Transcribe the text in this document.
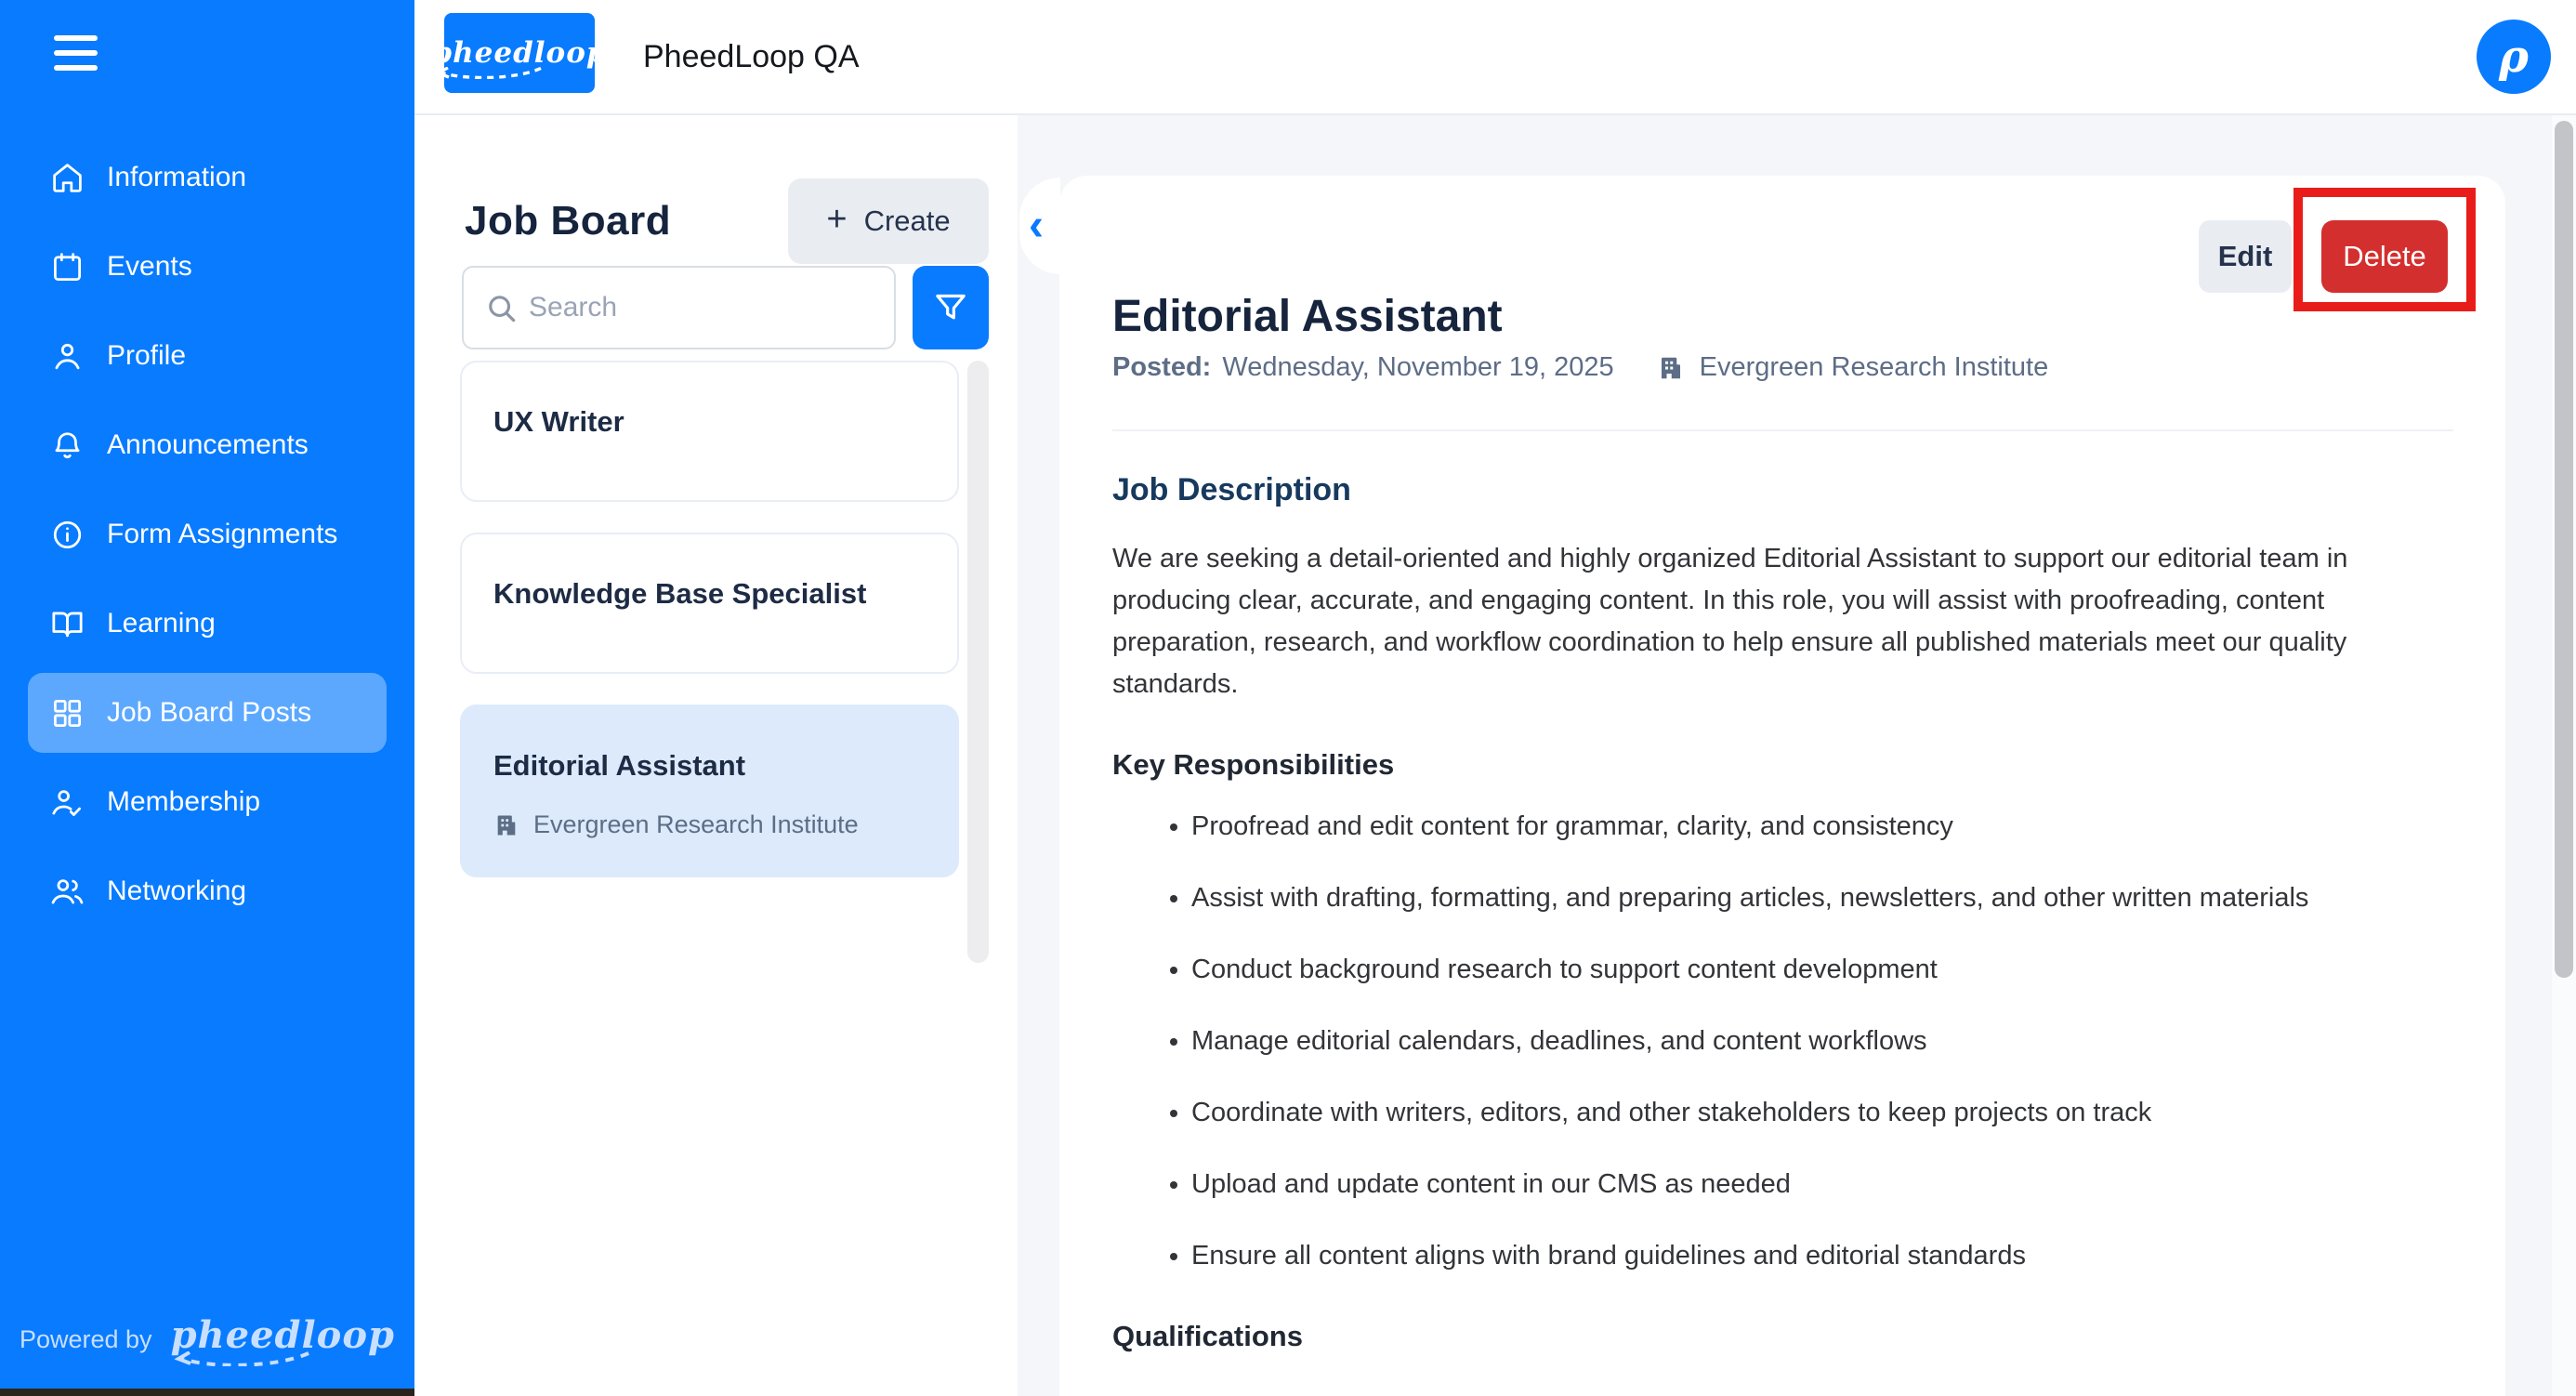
Information
Events
Profile
Announcements
Form Assignments
Learning
Job Board Posts
Membership
Networking
Powered by pheedloop
pheedloop PheedLoop QA	ρ
Job Board	+ Create
Search
UX Writer
Knowledge Base Specialist
Editorial Assistant
Evergreen Research Institute
‹
Edit	Delete
Editorial Assistant
Posted: Wednesday, November 19, 2025	Evergreen Research Institute
Job Description

We are seeking a detail-oriented and highly organized Editorial Assistant to support our editorial team in producing clear, accurate, and engaging content. In this role, you will assist with proofreading, content preparation, research, and workflow coordination to help ensure all published materials meet our quality standards.

Key Responsibilities
• Proofread and edit content for grammar, clarity, and consistency
• Assist with drafting, formatting, and preparing articles, newsletters, and other written materials
• Conduct background research to support content development
• Manage editorial calendars, deadlines, and content workflows
• Coordinate with writers, editors, and other stakeholders to keep projects on track
• Upload and update content in our CMS as needed
• Ensure all content aligns with brand guidelines and editorial standards
Qualifications
